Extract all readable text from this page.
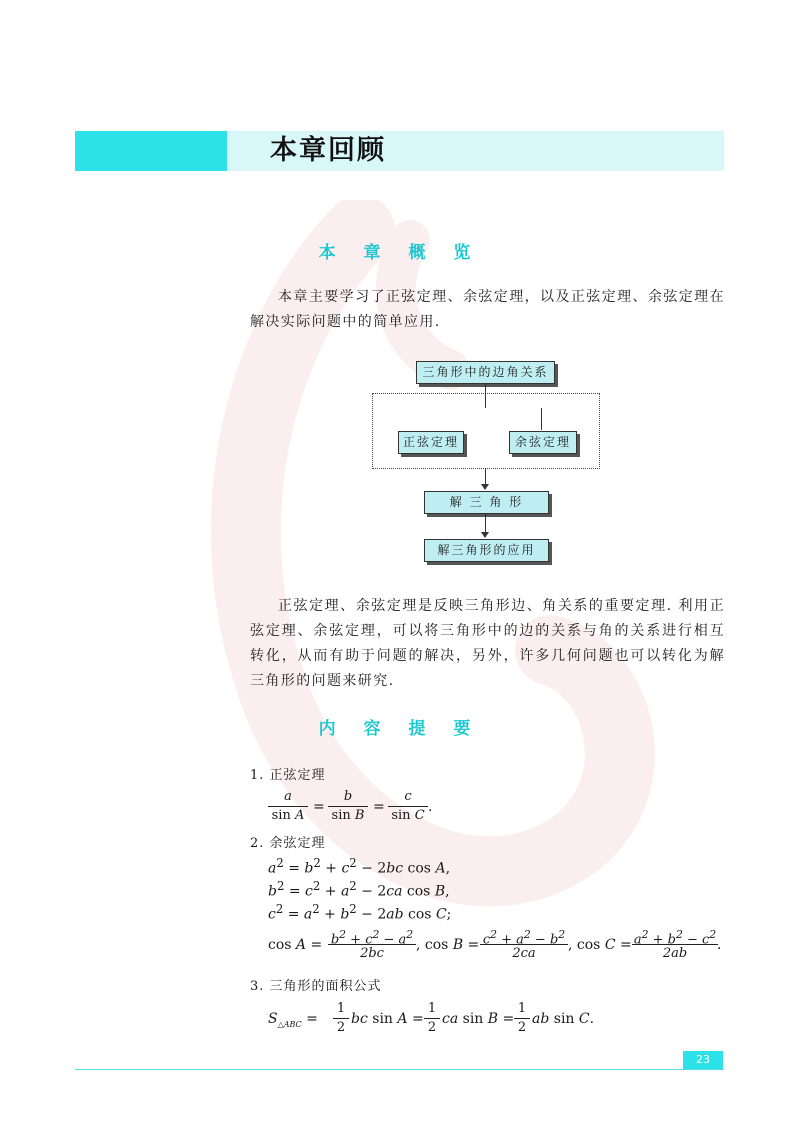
本章回顾
本 章 概 览
本章主要学习了正弦定理、余弦定理，以及正弦定理、余弦定理在解决实际问题中的简单应用.
三角形中的边角关系
正弦定理	余弦定理
解 三 角 形
解三角形的应用
正弦定理、余弦定理是反映三角形边、角关系的重要定理. 利用正弦定理、余弦定理，可以将三角形中的边的关系与角的关系进行相互转化，从而有助于问题的解决，另外，许多几何问题也可以转化为解三角形的问题来研究.
内 容 提 要
1. 正弦定理
a
sin A
=
b
sin B
=
c
sin C
.
2. 余弦定理
$a^2 = b^2 + c^2 - 2bc$ cos A,
$b^2 = c^2 + a^2 - 2ca$ cos B,
$c^2 = a^2 + b^2 - 2ab$ cos C;
$\cos A = b^2 + c^2 - a^2$
2bc
, $\cos B = c^2 + a^2 - b^2$
2ca
, $\cos C = a^2 + b^2 - c^2$
2ab
.
3. 三角形的面积公式
$S_{\triangle ABC}$ =
1
2
bc sin A =
1
2
ca sin B =
1
2
ab sin C.
23
